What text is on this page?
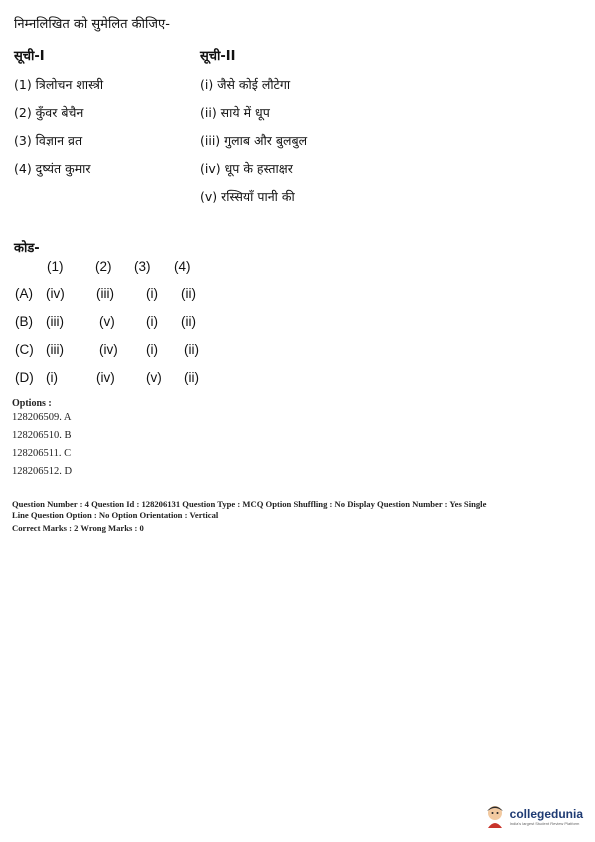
निम्नलिखित को सुमेलित कीजिए-
सूची-I	सूची-II
(1) त्रिलोचन शास्त्री
(2) कुँवर बेचैन
(3) विज्ञान व्रत
(4) दुष्यंत कुमार
(i) जैसे कोई लौटेगा
(ii) साये में धूप
(iii) गुलाब और बुलबुल
(iv) धूप के हस्ताक्षर
(v) रस्सियाँ पानी की
कोड-
(1) (2) (3) (4)
(A) (iv) (iii) (i) (ii)
(B) (iii)	(v) (i) (ii)
(C) (iii)	(iv) (i) (ii)
(D) (i)	(iv) (v) (ii)
Options :
128206509. A
128206510. B
128206511. C
128206512. D
Question Number : 4 Question Id : 128206131 Question Type : MCQ Option Shuffling : No Display Question Number : Yes Single
Line Question Option : No Option Orientation : Vertical
Correct Marks : 2 Wrong Marks : 0
collegedunia
India's largest Student Review Platform
